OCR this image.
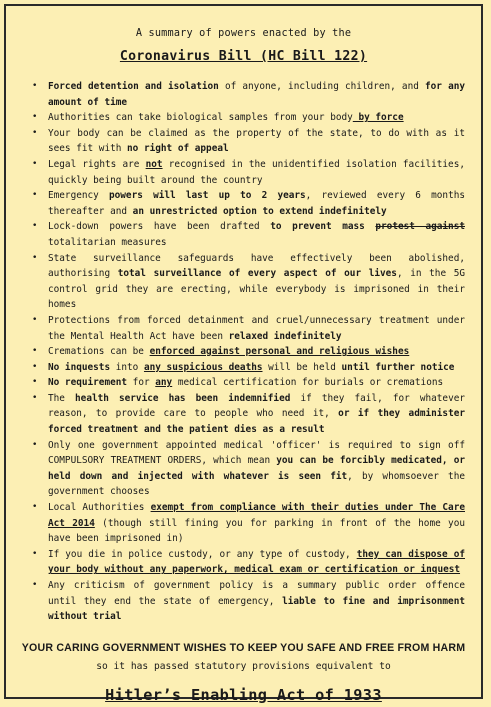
A summary of powers enacted by the
Coronavirus Bill (HC Bill 122)
• Forced detention and isolation of anyone, including children, and for any amount of time
• Authorities can take biological samples from your body by force
• Your body can be claimed as the property of the state, to do with as it sees fit with no right of appeal
• Legal rights are not recognised in the unidentified isolation facilities, quickly being built around the country
• Emergency powers will last up to 2 years, reviewed every 6 months thereafter and an unrestricted option to extend indefinitely
• Lock-down powers have been drafted to prevent mass protest against totalitarian measures
• State surveillance safeguards have effectively been abolished, authorising total surveillance of every aspect of our lives, in the 5G control grid they are erecting, while everybody is imprisoned in their homes
• Protections from forced detainment and cruel/unnecessary treatment under the Mental Health Act have been relaxed indefinitely
• Cremations can be enforced against personal and religious wishes
• No inquests into any suspicious deaths will be held until further notice
• No requirement for any medical certification for burials or cremations
• The health service has been indemnified if they fail, for whatever reason, to provide care to people who need it, or if they administer forced treatment and the patient dies as a result
• Only one government appointed medical 'officer' is required to sign off COMPULSORY TREATMENT ORDERS, which mean you can be forcibly medicated, or held down and injected with whatever is seen fit, by whomsoever the government chooses
• Local Authorities exempt from compliance with their duties under The Care Act 2014 (though still fining you for parking in front of the home you have been imprisoned in)
• If you die in police custody, or any type of custody, they can dispose of your body without any paperwork, medical exam or certification or inquest
• Any criticism of government policy is a summary public order offence until they end the state of emergency, liable to fine and imprisonment without trial
YOUR CARING GOVERNMENT WISHES TO KEEP YOU SAFE AND FREE FROM HARM
so it has passed statutory provisions equivalent to
Hitler’s Enabling Act of 1933
